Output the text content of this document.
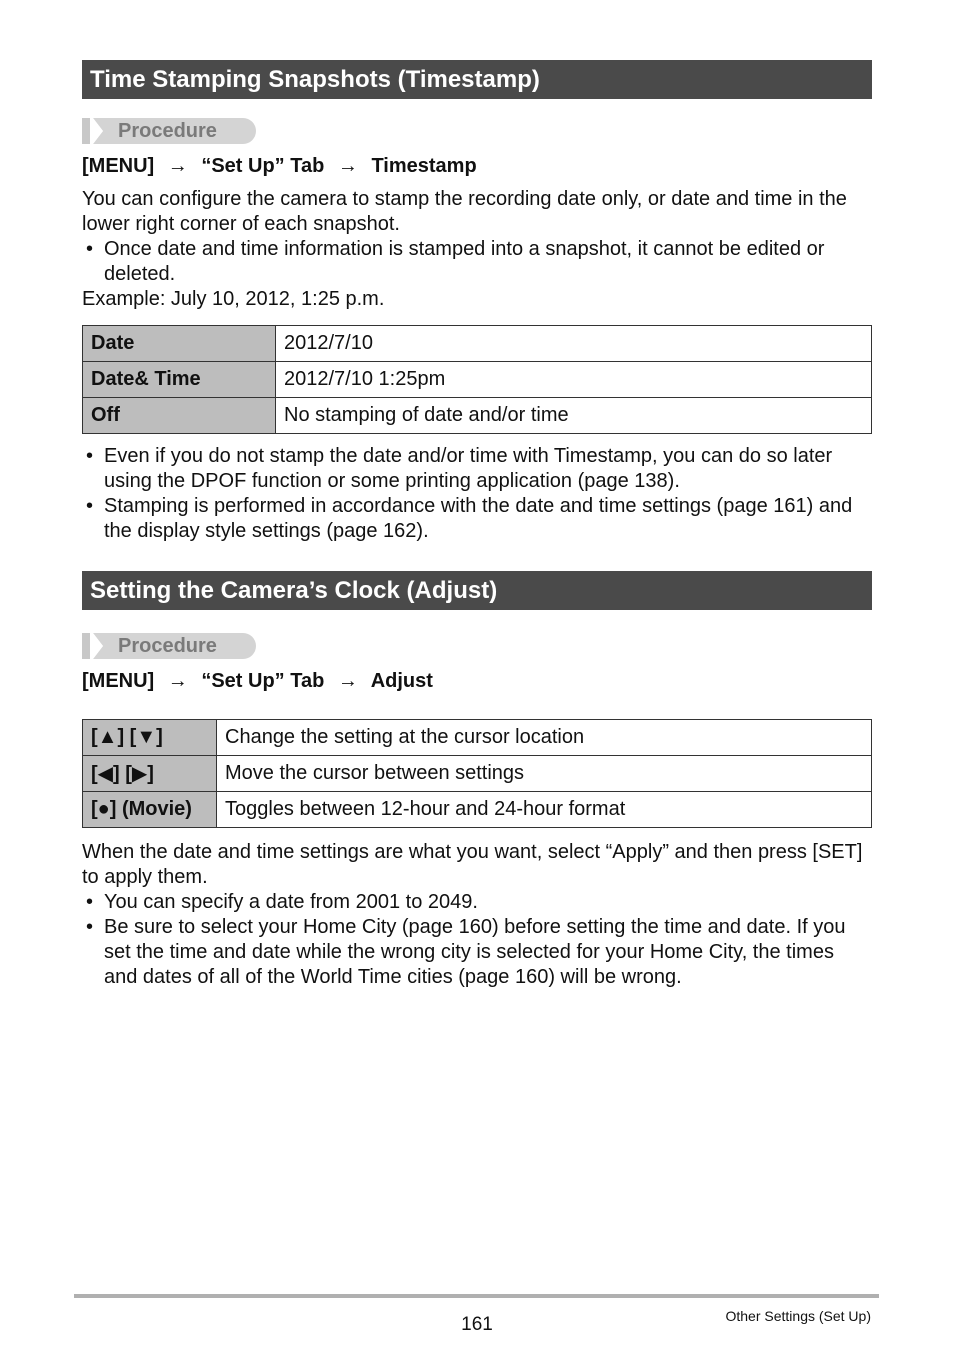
Time Stamping Snapshots (Timestamp)
Procedure
[MENU] → “Set Up” Tab → Timestamp

You can configure the camera to stamp the recording date only, or date and time in the lower right corner of each snapshot.

• Once date and time information is stamped into a snapshot, it cannot be edited or deleted.

Example: July 10, 2012, 1:25 p.m.

Date	2012/7/10
Date& Time	2012/7/10 1:25pm
Off	No stamping of date and/or time

• Even if you do not stamp the date and/or time with Timestamp, you can do so later using the DPOF function or some printing application (page 138).

• Stamping is performed in accordance with the date and time settings (page 161) and the display style settings (page 162).

Setting the Camera’s Clock (Adjust)
Procedure
[MENU] → “Set Up” Tab → Adjust
[▲] [▼]	Change the setting at the cursor location
[◀] [▶]	Move the cursor between settings
[●] (Movie)	Toggles between 12-hour and 24-hour format

When the date and time settings are what you want, select “Apply” and then press [SET] to apply them.

• You can specify a date from 2001 to 2049.

• Be sure to select your Home City (page 160) before setting the time and date. If you set the time and date while the wrong city is selected for your Home City, the times and dates of all of the World Time cities (page 160) will be wrong.

161	Other Settings (Set Up)
